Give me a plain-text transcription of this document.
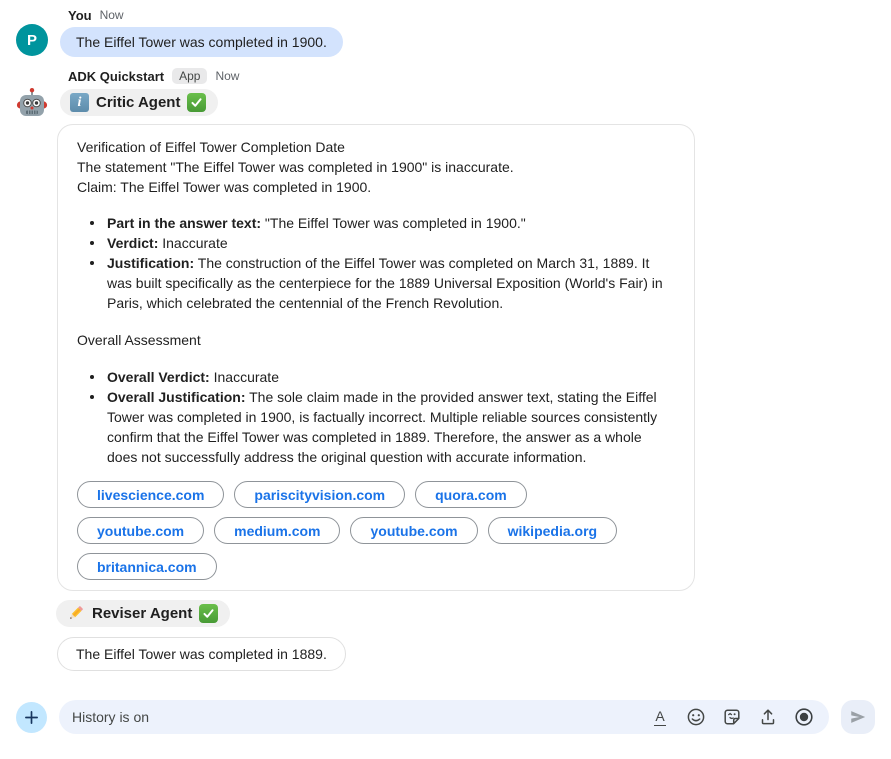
P
You Now
The Eiffel Tower was completed in 1900.
ADK Quickstart	App	Now
i Critic Agent
Verification of Eiffel Tower Completion Date
The statement "The Eiffel Tower was completed in 1900" is inaccurate.
Claim: The Eiffel Tower was completed in 1900.
Part in the answer text: "The Eiffel Tower was completed in 1900."
Verdict: Inaccurate
Justification: The construction of the Eiffel Tower was completed on March 31, 1889. It was built specifically as the centerpiece for the 1889 Universal Exposition (World's Fair) in Paris, which celebrated the centennial of the French Revolution.
Overall Assessment
Overall Verdict: Inaccurate
Overall Justification: The sole claim made in the provided answer text, stating the Eiffel Tower was completed in 1900, is factually incorrect. Multiple reliable sources consistently confirm that the Eiffel Tower was completed in 1889. Therefore, the answer as a whole does not successfully address the original question with accurate information.
livescience.com	pariscityvision.com	quora.com
youtube.com	medium.com	youtube.com	wikipedia.org
britannica.com
Reviser Agent
The Eiffel Tower was completed in 1889.
History is on
A
